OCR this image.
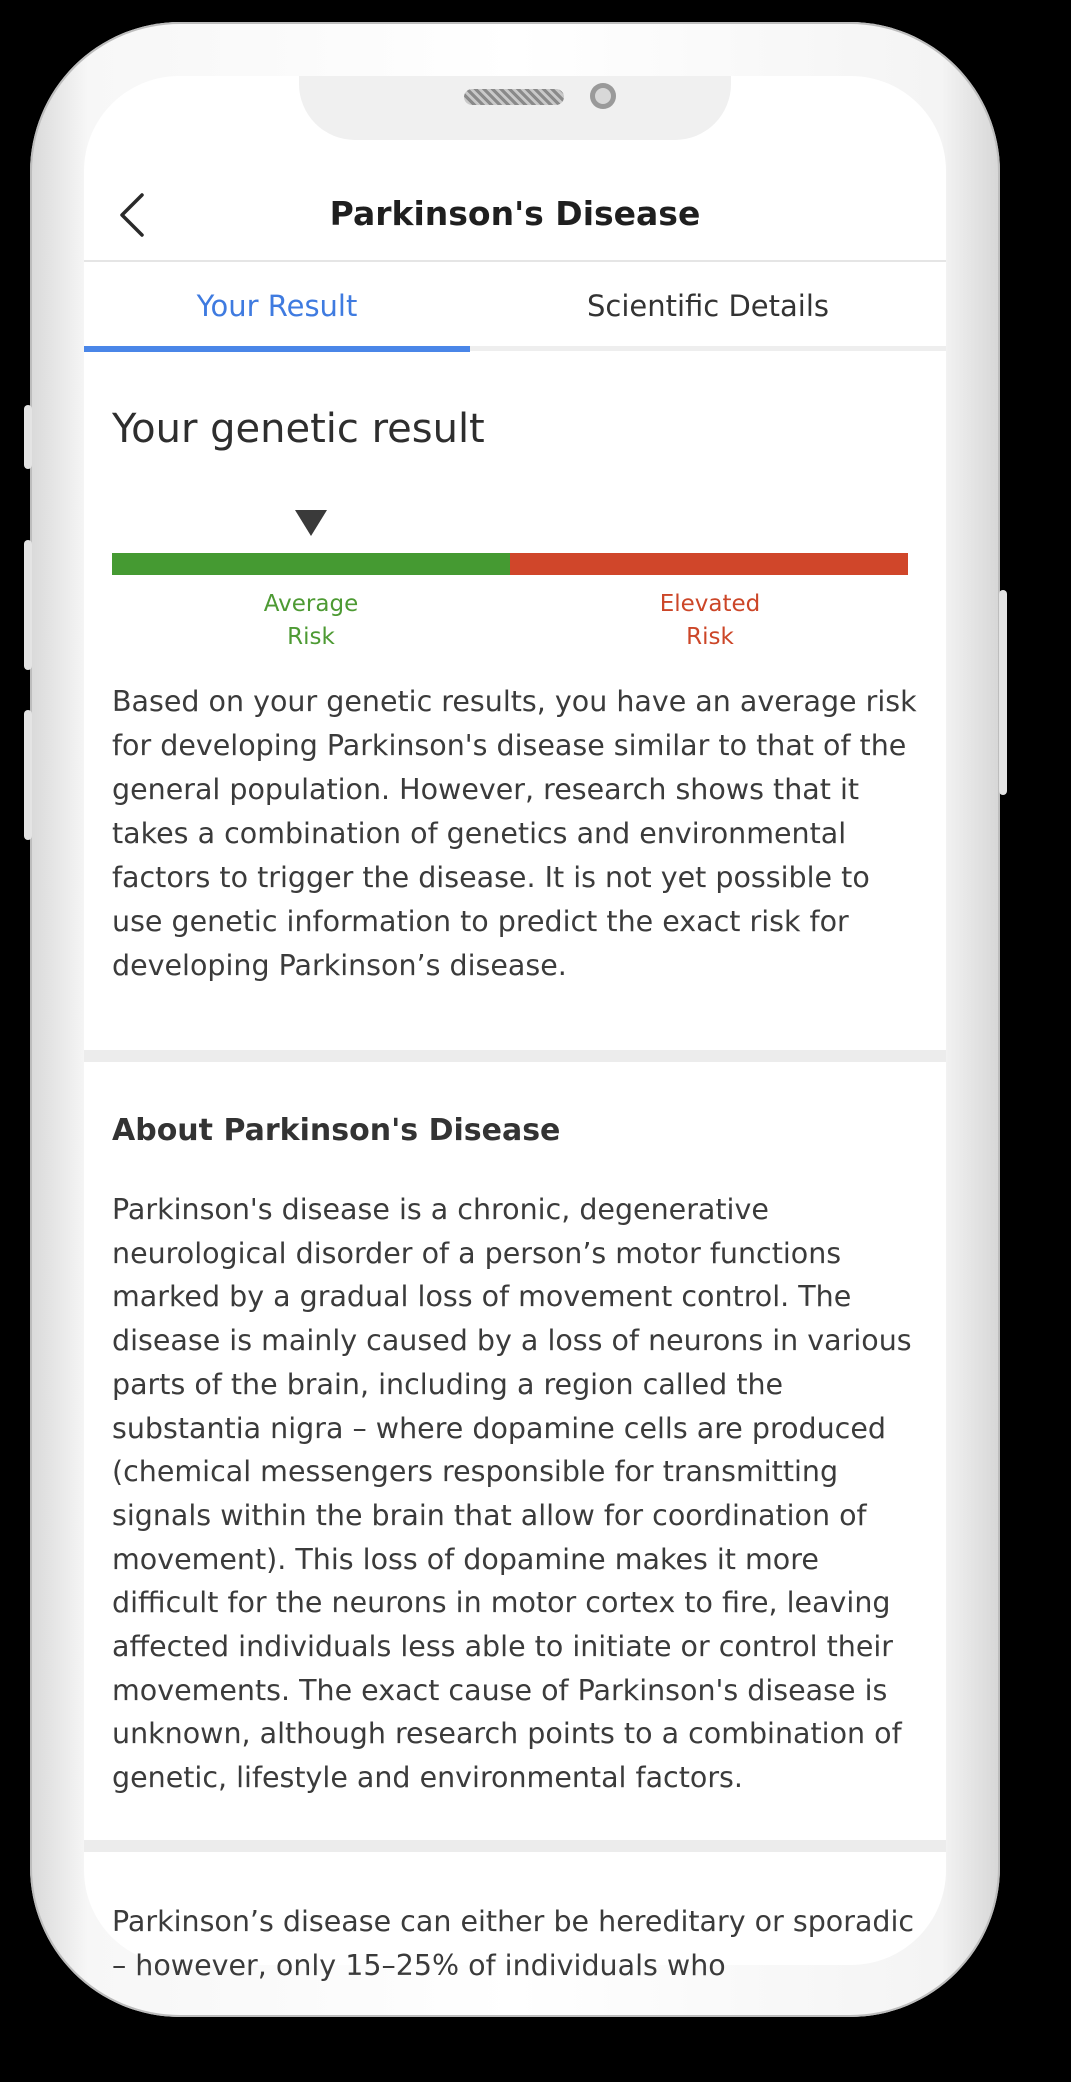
Parkinson's Disease
Your Result	Scientific Details
Your genetic result
Average
Risk
Elevated
Risk
Based on your genetic results, you have an average risk for developing Parkinson's disease similar to that of the general population. However, research shows that it takes a combination of genetics and environmental factors to trigger the disease. It is not yet possible to use genetic information to predict the exact risk for developing Parkinson’s disease.
About Parkinson's Disease
Parkinson's disease is a chronic, degenerative neurological disorder of a person’s motor functions marked by a gradual loss of movement control. The disease is mainly caused by a loss of neurons in various parts of the brain, including a region called the substantia nigra – where dopamine cells are produced (chemical messengers responsible for transmitting signals within the brain that allow for coordination of movement). This loss of dopamine makes it more difficult for the neurons in motor cortex to fire, leaving affected individuals less able to initiate or control their movements. The exact cause of Parkinson's disease is unknown, although research points to a combination of genetic, lifestyle and environmental factors.
Parkinson’s disease can either be hereditary or sporadic – however, only 15–25% of individuals who
